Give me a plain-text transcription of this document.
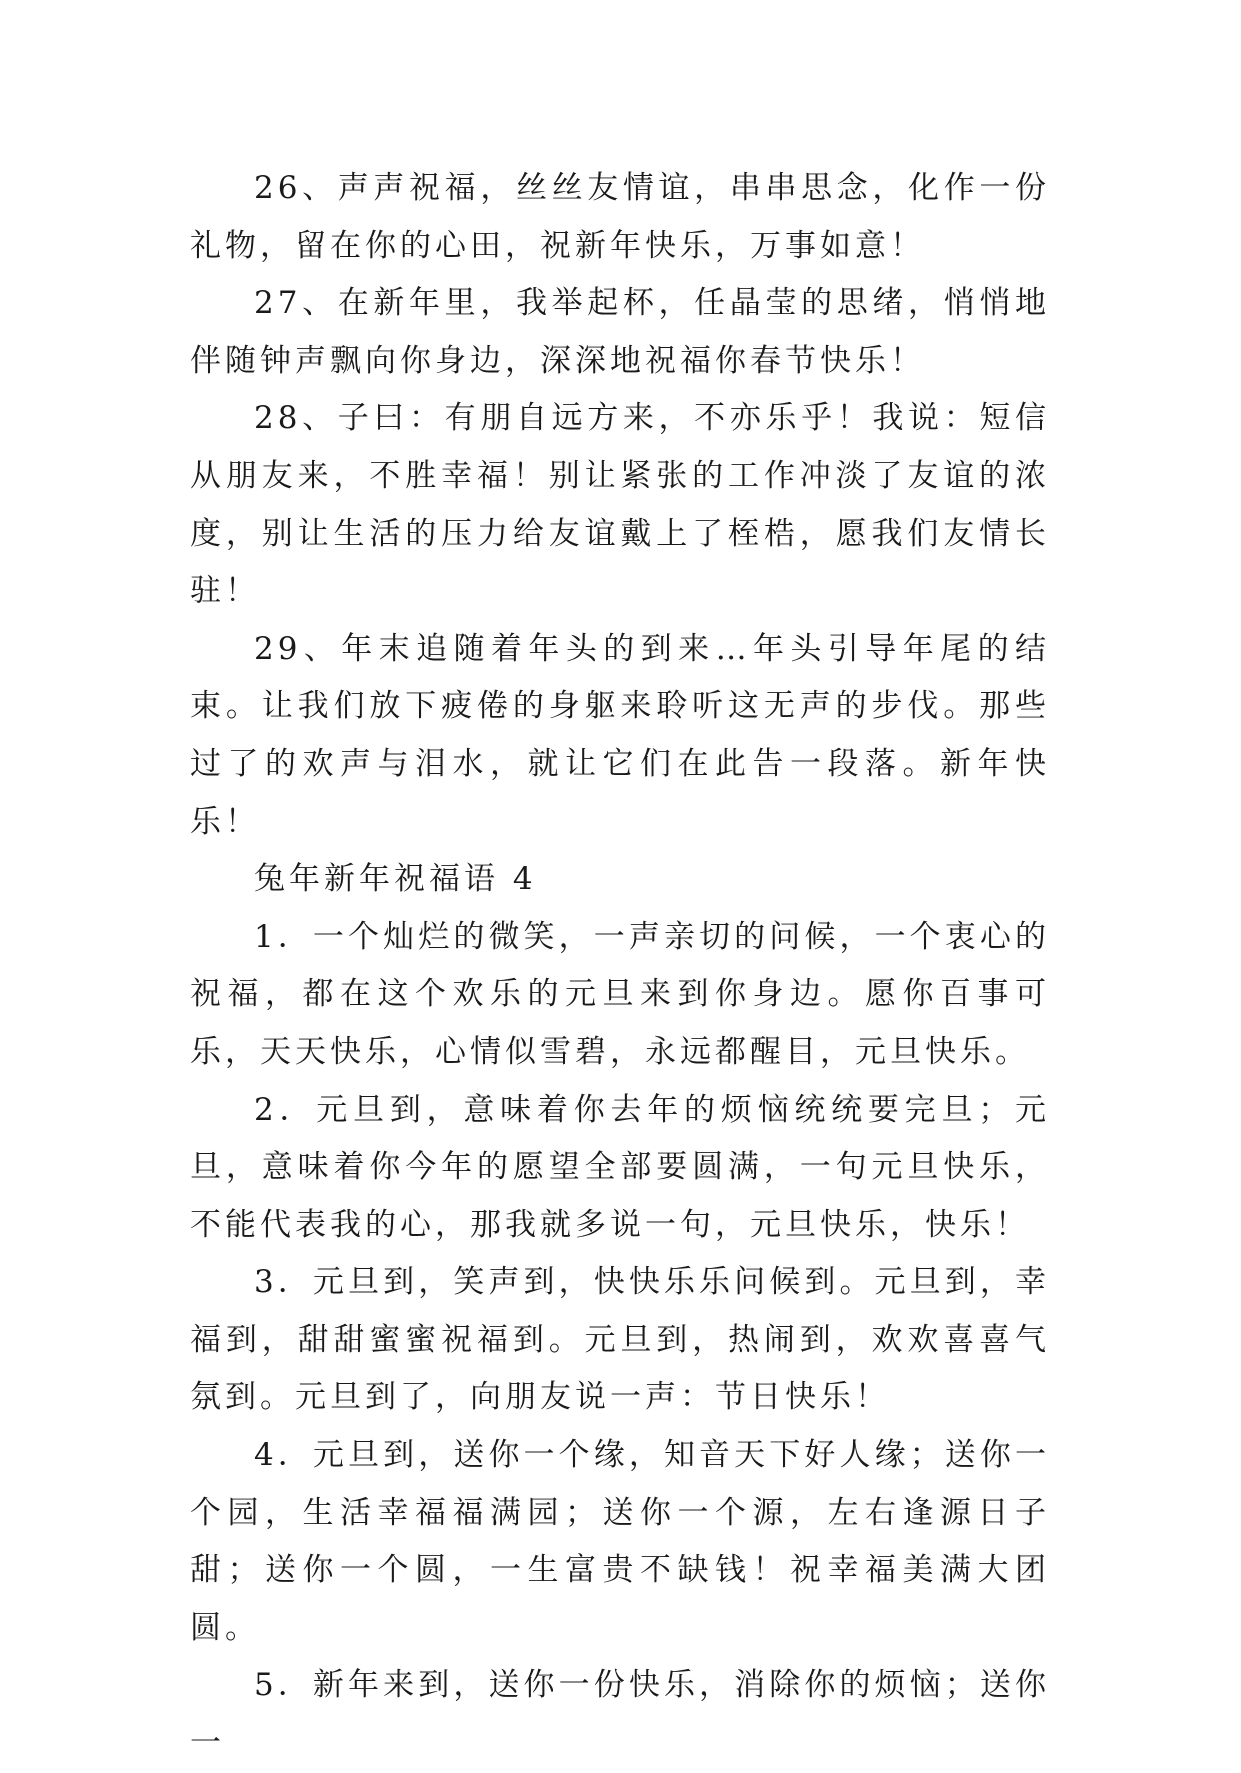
26、声声祝福，丝丝友情谊，串串思念，化作一份礼物，留在你的心田，祝新年快乐，万事如意！

27、在新年里，我举起杯，任晶莹的思绪，悄悄地伴随钟声飘向你身边，深深地祝福你春节快乐！

28、子曰：有朋自远方来，不亦乐乎！我说：短信从朋友来，不胜幸福！别让紧张的工作冲淡了友谊的浓度，别让生活的压力给友谊戴上了桎梏，愿我们友情长驻！

29、年末追随着年头的到来…年头引导年尾的结束。让我们放下疲倦的身躯来聆听这无声的步伐。那些过了的欢声与泪水，就让它们在此告一段落。新年快乐！

兔年新年祝福语 4

1．一个灿烂的微笑，一声亲切的问候，一个衷心的祝福，都在这个欢乐的元旦来到你身边。愿你百事可乐，天天快乐，心情似雪碧，永远都醒目，元旦快乐。

2．元旦到，意味着你去年的烦恼统统要完旦；元旦，意味着你今年的愿望全部要圆满，一句元旦快乐，不能代表我的心，那我就多说一句，元旦快乐，快乐！

3．元旦到，笑声到，快快乐乐问候到。元旦到，幸福到，甜甜蜜蜜祝福到。元旦到，热闹到，欢欢喜喜气氛到。元旦到了，向朋友说一声：节日快乐！

4．元旦到，送你一个缘，知音天下好人缘；送你一个园，生活幸福福满园；送你一个源，左右逢源日子甜；送你一个圆，一生富贵不缺钱！祝幸福美满大团圆。

5．新年来到，送你一份快乐，消除你的烦恼；送你一
